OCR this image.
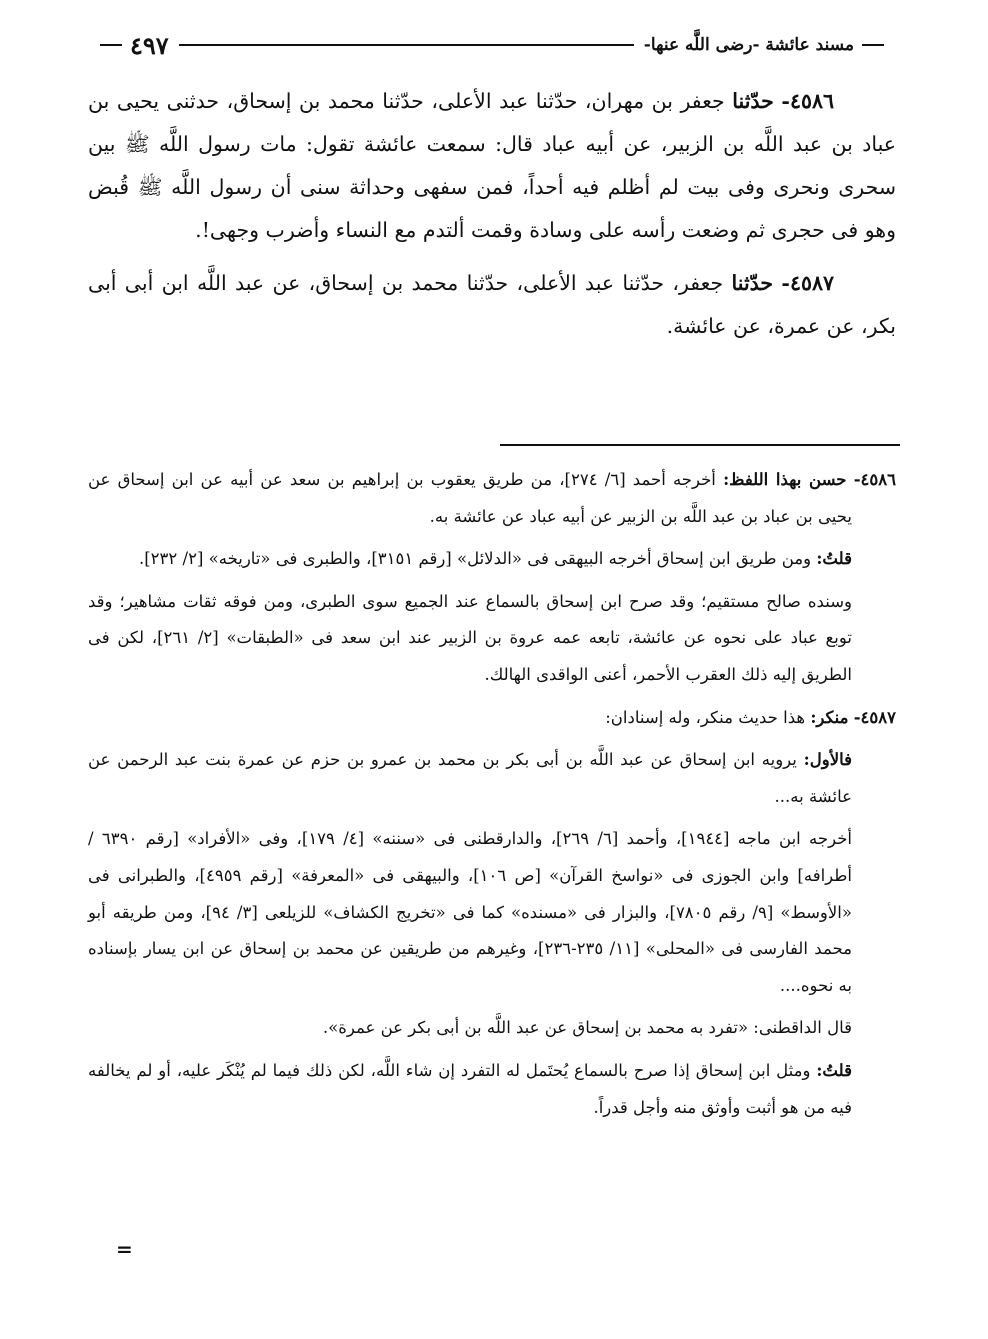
مسند عائشة -رضى اللَّه عنها-
٤٩٧

٤٥٨٦- حدّثنا جعفر بن مهران، حدّثنا عبد الأعلى، حدّثنا محمد بن إسحاق، حدثنى يحيى بن عباد بن عبد اللَّه بن الزبير، عن أبيه عباد قال: سمعت عائشة تقول: مات رسول اللَّه ﷺ بين سحرى ونحرى وفى بيت لم أظلم فيه أحداً، فمن سفهى وحداثة سنى أن رسول اللَّه ﷺ قُبض وهو فى حجرى ثم وضعت رأسه على وسادة وقمت ألتدم مع النساء وأضرب وجهى!.

٤٥٨٧- حدّثنا جعفر، حدّثنا عبد الأعلى، حدّثنا محمد بن إسحاق، عن عبد اللَّه ابن أبى أبى بكر، عن عمرة، عن عائشة.

٤٥٨٦- حسن بهذا اللفظ: أخرجه أحمد [٦/ ٢٧٤]، من طريق يعقوب بن إبراهيم بن سعد عن أبيه عن ابن إسحاق عن يحيى بن عباد بن عبد اللَّه بن الزبير عن أبيه عباد عن عائشة به.

قلتُ: ومن طريق ابن إسحاق أخرجه البيهقى فى «الدلائل» [رقم ٣١٥١]، والطبرى فى «تاريخه» [٢/ ٢٣٢].

وسنده صالح مستقيم؛ وقد صرح ابن إسحاق بالسماع عند الجميع سوى الطبرى، ومن فوقه ثقات مشاهير؛ وقد توبع عباد على نحوه عن عائشة، تابعه عمه عروة بن الزبير عند ابن سعد فى «الطبقات» [٢/ ٢٦١]، لكن فى الطريق إليه ذلك العقرب الأحمر، أعنى الواقدى الهالك.

٤٥٨٧- منكر: هذا حديث منكر، وله إسنادان:

فالأول: يرويه ابن إسحاق عن عبد اللَّه بن أبى بكر بن محمد بن عمرو بن حزم عن عمرة بنت عبد الرحمن عن عائشة به...

أخرجه ابن ماجه [١٩٤٤]، وأحمد [٦/ ٢٦٩]، والدارقطنى فى «سننه» [٤/ ١٧٩]، وفى «الأفراد» [رقم ٦٣٩٠ / أطرافه] وابن الجوزى فى «نواسخ القرآن» [ص ١٠٦]، والبيهقى فى «المعرفة» [رقم ٤٩٥٩]، والطبرانى فى «الأوسط» [٩/ رقم ٧٨٠٥]، والبزار فى «مسنده» كما فى «تخريج الكشاف» للزيلعى [٣/ ٩٤]، ومن طريقه أبو محمد الفارسى فى «المحلى» [١١/ ٢٣٥-٢٣٦]، وغيرهم من طريقين عن محمد بن إسحاق عن ابن يسار بإسناده به نحوه....

قال الداقطنى: «تفرد به محمد بن إسحاق عن عبد اللَّه بن أبى بكر عن عمرة».

قلتُ: ومثل ابن إسحاق إذا صرح بالسماع يُحتَمل له التفرد إن شاء اللَّه، لكن ذلك فيما لم يُنْكَر عليه، أو لم يخالفه فيه من هو أثبت وأوثق منه وأجل قدراً.

=
